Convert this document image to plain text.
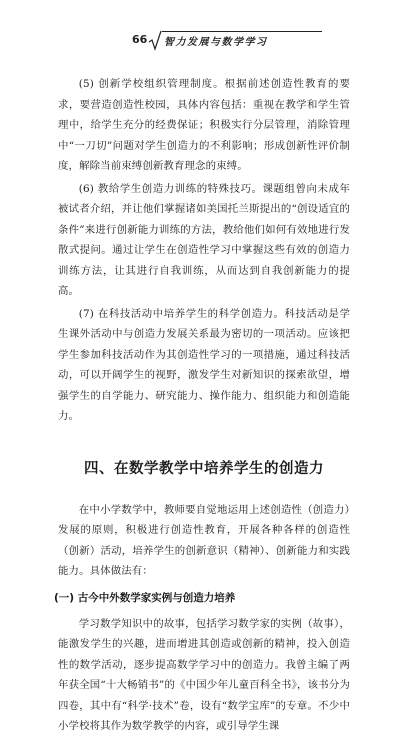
66 智力发展与数学学习

(5) 创新学校组织管理制度。根据前述创造性教育的要求，要营造创造性校园，具体内容包括：重视在教学和学生管理中，给学生充分的经费保证；积极实行分层管理，消除管理中“一刀切”问题对学生创造力的不利影响；形成创新性评价制度，解除当前束缚创新教育理念的束缚。

(6) 教给学生创造力训练的特殊技巧。课题组曾向未成年被试者介绍，并让他们掌握诸如美国托兰斯提出的“创设适宜的条件”来进行创新能力训练的方法，教给他们如何有效地进行发散式提问。通过让学生在创造性学习中掌握这些有效的创造力训练方法，让其进行自我训练，从而达到自我创新能力的提高。

(7) 在科技活动中培养学生的科学创造力。科技活动是学生课外活动中与创造力发展关系最为密切的一项活动。应该把学生参加科技活动作为其创造性学习的一项措施，通过科技活动，可以开阔学生的视野，激发学生对新知识的探索欲望，增强学生的自学能力、研究能力、操作能力、组织能力和创造能力。

四、在数学教学中培养学生的创造力

在中小学数学中，教师要自觉地运用上述创造性（创造力）发展的原则，积极进行创造性教育，开展各种各样的创造性（创新）活动，培养学生的创新意识（精神）、创新能力和实践能力。具体做法有：

(一) 古今中外数学家实例与创造力培养

学习数学知识中的故事，包括学习数学家的实例（故事），能激发学生的兴趣，进而增进其创造或创新的精神，投入创造性的数学活动，逐步提高数学学习中的创造力。我曾主编了两年获全国“十大畅销书”的《中国少年儿童百科全书》，该书分为四卷，其中有“科学·技术”卷，设有“数学宝库”的专章。不少中小学校将其作为数学教学的内容，或引导学生课
